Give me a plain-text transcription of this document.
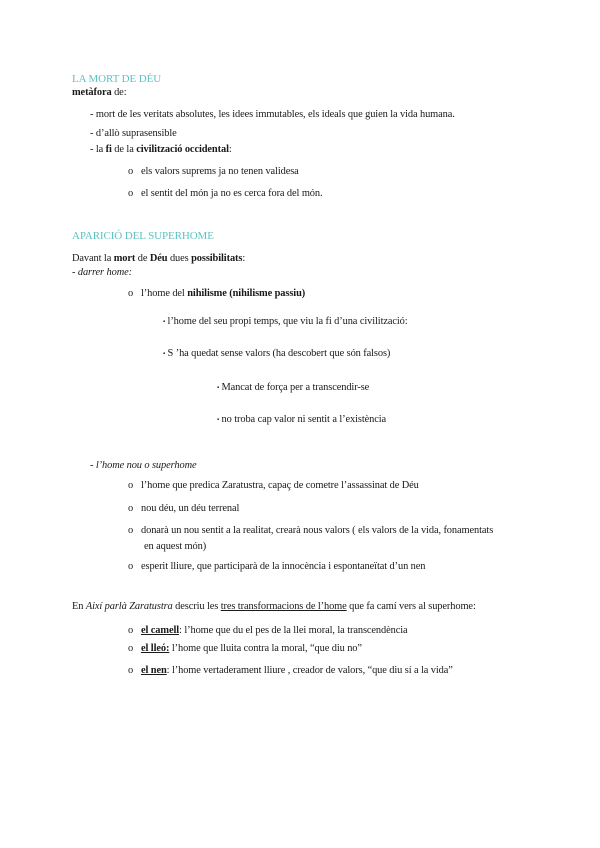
LA MORT DE DÉU
metàfora de:
- mort de les veritats absolutes, les idees immutables, els ideals que guien la vida humana.
- d’allò suprasensible
- la fi de la civilització occidental:
o els valors suprems ja no tenen validesa
o el sentit del món ja no es cerca fora del món.
APARICIÓ DEL SUPERHOME
Davant la mort de Déu dues possibilitats:
- darrer home:
o l’home del nihilisme (nihilisme passiu)
▪ l’home del seu propi temps, que viu la fi d’una civilització:
▪ S ’ha quedat sense valors (ha descobert que són falsos)
▪ Mancat de força per a transcendir-se
▪ no troba cap valor ni sentit a l’existència
- l’home nou o superhome
o l’home que predica Zaratustra, capaç de cometre l’assassinat de Déu
o nou déu, un déu terrenal
o donarà un nou sentit a la realitat, crearà nous valors ( els valors de la vida, fonamentats
en aquest món)
o esperit lliure, que participarà de la innocència i espontaneïtat d’un nen
En Així parlà Zaratustra descriu les tres transformacions de l’home que fa camí vers al superhome:
o el camell: l’home que du el pes de la llei moral, la transcendència
o el lleó: l’home que lluita contra la moral, “que diu no”
o el nen: l’home vertaderament lliure , creador de valors, “que diu sí a la vida”
